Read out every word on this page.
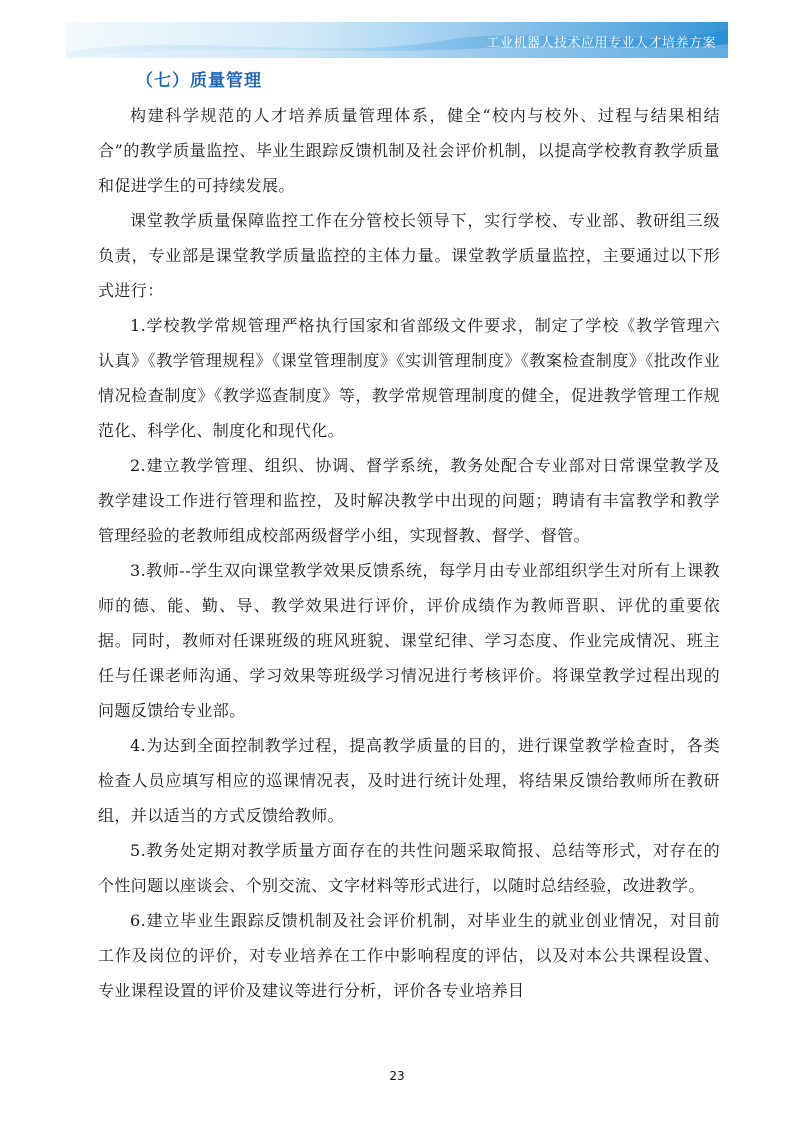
工业机器人技术应用专业人才培养方案
（七）质量管理

构建科学规范的人才培养质量管理体系，健全“校内与校外、过程与结果相结合”的教学质量监控、毕业生跟踪反馈机制及社会评价机制，以提高学校教育教学质量和促进学生的可持续发展。

课堂教学质量保障监控工作在分管校长领导下，实行学校、专业部、教研组三级负责，专业部是课堂教学质量监控的主体力量。课堂教学质量监控，主要通过以下形式进行：

1.学校教学常规管理严格执行国家和省部级文件要求，制定了学校《教学管理六认真》《教学管理规程》《课堂管理制度》《实训管理制度》《教案检查制度》《批改作业情况检查制度》《教学巡查制度》等，教学常规管理制度的健全，促进教学管理工作规范化、科学化、制度化和现代化。

2.建立教学管理、组织、协调、督学系统，教务处配合专业部对日常课堂教学及教学建设工作进行管理和监控，及时解决教学中出现的问题；聘请有丰富教学和教学管理经验的老教师组成校部两级督学小组，实现督教、督学、督管。

3.教师--学生双向课堂教学效果反馈系统，每学月由专业部组织学生对所有上课教师的德、能、勤、导、教学效果进行评价，评价成绩作为教师晋职、评优的重要依据。同时，教师对任课班级的班风班貌、课堂纪律、学习态度、作业完成情况、班主任与任课老师沟通、学习效果等班级学习情况进行考核评价。将课堂教学过程出现的问题反馈给专业部。

4.为达到全面控制教学过程，提高教学质量的目的，进行课堂教学检查时，各类检查人员应填写相应的巡课情况表，及时进行统计处理，将结果反馈给教师所在教研组，并以适当的方式反馈给教师。

5.教务处定期对教学质量方面存在的共性问题采取简报、总结等形式，对存在的个性问题以座谈会、个别交流、文字材料等形式进行，以随时总结经验，改进教学。

6.建立毕业生跟踪反馈机制及社会评价机制，对毕业生的就业创业情况，对目前工作及岗位的评价，对专业培养在工作中影响程度的评估，以及对本公共课程设置、专业课程设置的评价及建议等进行分析，评价各专业培养目

23
